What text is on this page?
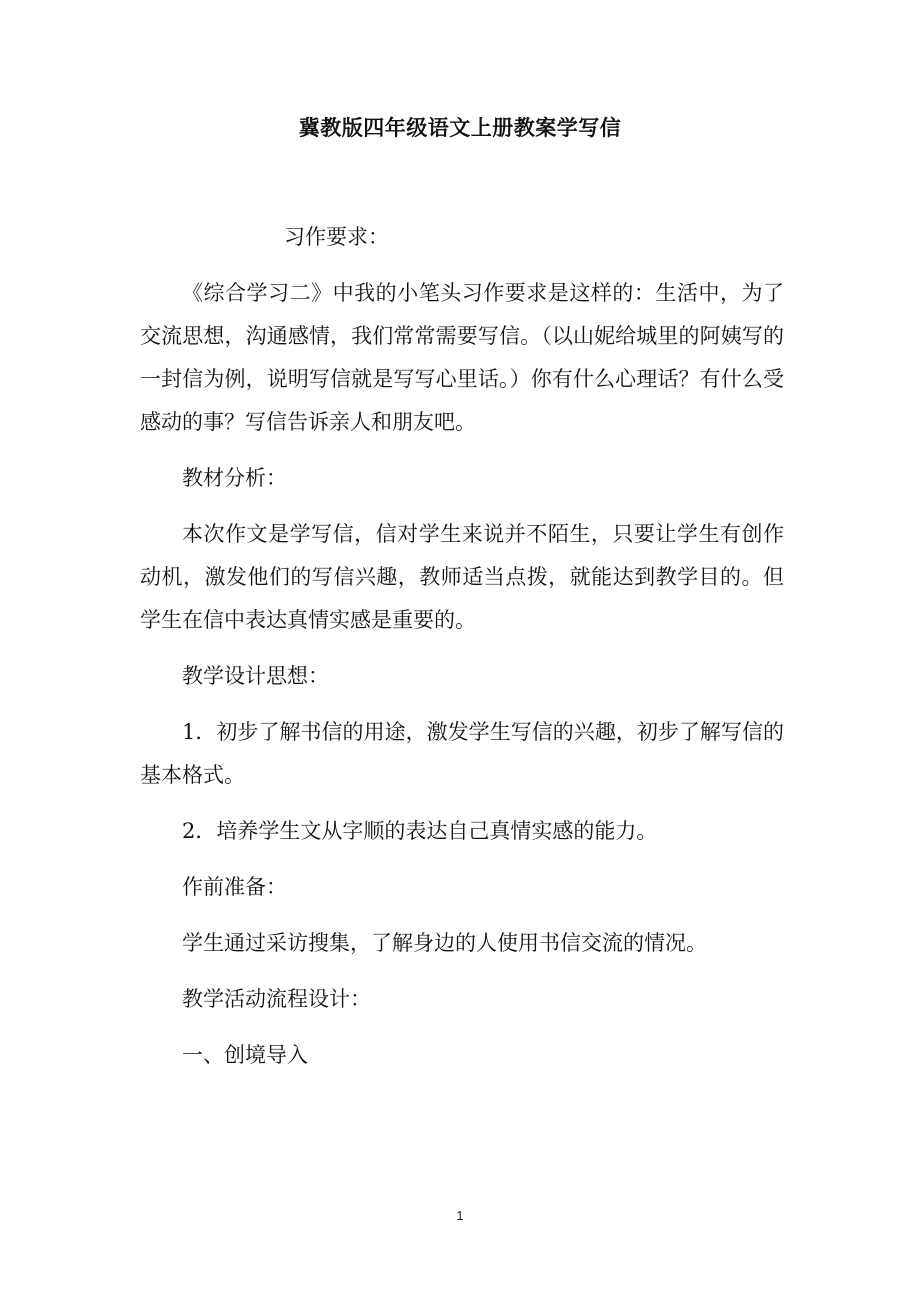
冀教版四年级语文上册教案学写信

习作要求：

《综合学习二》中我的小笔头习作要求是这样的：生活中，为了交流思想，沟通感情，我们常常需要写信。（以山妮给城里的阿姨写的一封信为例，说明写信就是写写心里话。）你有什么心理话？有什么受感动的事？写信告诉亲人和朋友吧。

教材分析：

本次作文是学写信，信对学生来说并不陌生，只要让学生有创作动机，激发他们的写信兴趣，教师适当点拨，就能达到教学目的。但学生在信中表达真情实感是重要的。

教学设计思想：

1．初步了解书信的用途，激发学生写信的兴趣，初步了解写信的基本格式。

2．培养学生文从字顺的表达自己真情实感的能力。

作前准备：

学生通过采访搜集，了解身边的人使用书信交流的情况。

教学活动流程设计：

一、创境导入

1
